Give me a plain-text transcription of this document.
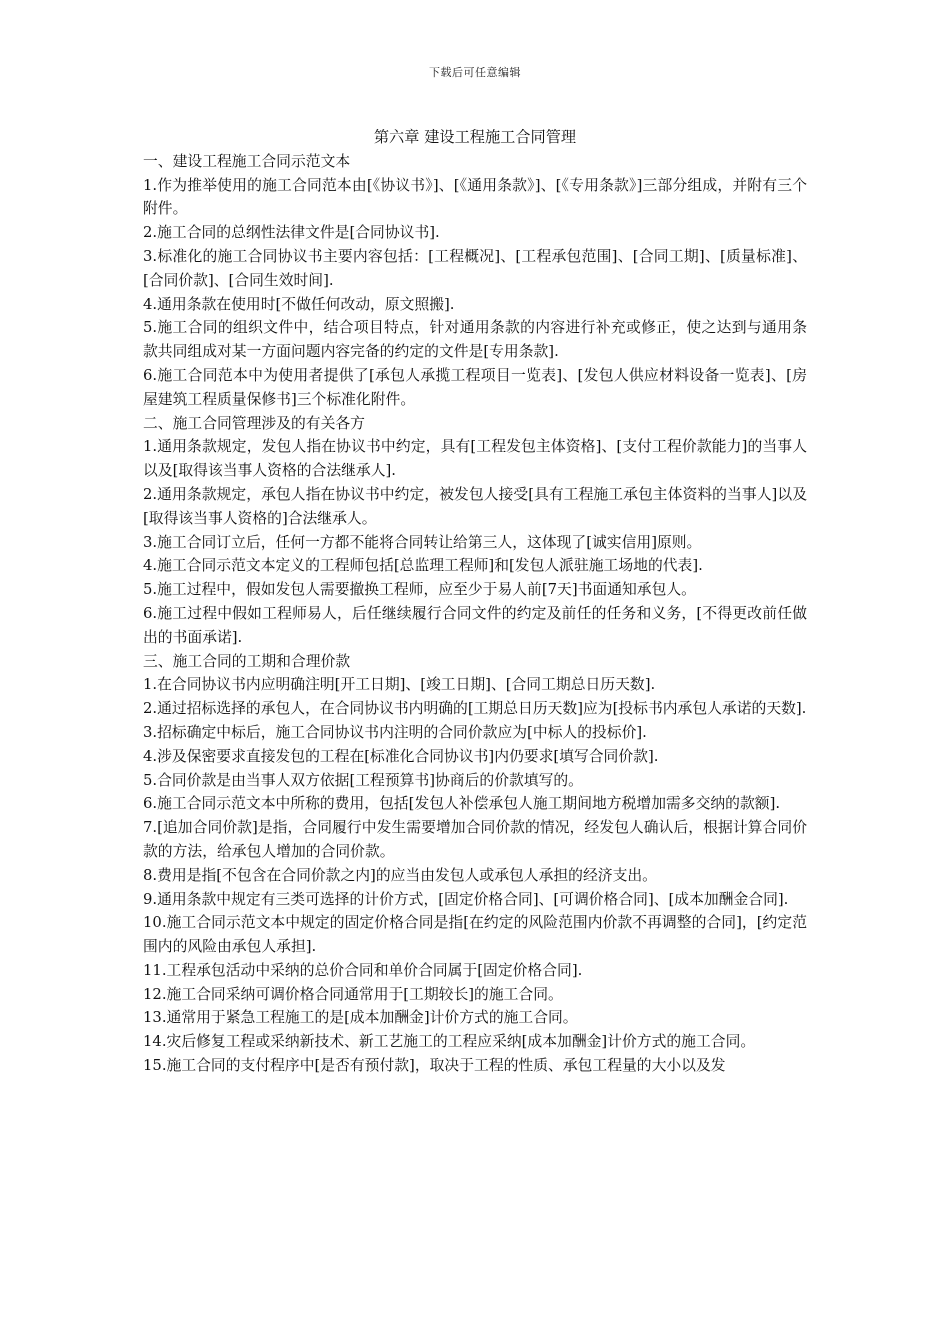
下载后可任意编辑

第六章 建设工程施工合同管理

一、建设工程施工合同示范文本

1.作为推举使用的施工合同范本由[《协议书》]、[《通用条款》]、[《专用条款》]三部分组成，并附有三个附件。

2.施工合同的总纲性法律文件是[合同协议书].

3.标准化的施工合同协议书主要内容包括：[工程概况]、[工程承包范围]、[合同工期]、[质量标准]、[合同价款]、[合同生效时间].

4.通用条款在使用时[不做任何改动，原文照搬].

5.施工合同的组织文件中，结合项目特点，针对通用条款的内容进行补充或修正，使之达到与通用条款共同组成对某一方面问题内容完备的约定的文件是[专用条款].

6.施工合同范本中为使用者提供了[承包人承揽工程项目一览表]、[发包人供应材料设备一览表]、[房屋建筑工程质量保修书]三个标准化附件。

二、施工合同管理涉及的有关各方

1.通用条款规定，发包人指在协议书中约定，具有[工程发包主体资格]、[支付工程价款能力]的当事人以及[取得该当事人资格的合法继承人].

2.通用条款规定，承包人指在协议书中约定，被发包人接受[具有工程施工承包主体资料的当事人]以及[取得该当事人资格的]合法继承人。

3.施工合同订立后，任何一方都不能将合同转让给第三人，这体现了[诚实信用]原则。

4.施工合同示范文本定义的工程师包括[总监理工程师]和[发包人派驻施工场地的代表].

5.施工过程中，假如发包人需要撤换工程师，应至少于易人前[7天]书面通知承包人。

6.施工过程中假如工程师易人，后任继续履行合同文件的约定及前任的任务和义务，[不得更改前任做出的书面承诺].

三、施工合同的工期和合理价款

1.在合同协议书内应明确注明[开工日期]、[竣工日期]、[合同工期总日历天数].

2.通过招标选择的承包人，在合同协议书内明确的[工期总日历天数]应为[投标书内承包人承诺的天数].

3.招标确定中标后，施工合同协议书内注明的合同价款应为[中标人的投标价].

4.涉及保密要求直接发包的工程在[标准化合同协议书]内仍要求[填写合同价款].

5.合同价款是由当事人双方依据[工程预算书]协商后的价款填写的。

6.施工合同示范文本中所称的费用，包括[发包人补偿承包人施工期间地方税增加需多交纳的款额].

7.[追加合同价款]是指，合同履行中发生需要增加合同价款的情况，经发包人确认后，根据计算合同价款的方法，给承包人增加的合同价款。

8.费用是指[不包含在合同价款之内]的应当由发包人或承包人承担的经济支出。

9.通用条款中规定有三类可选择的计价方式，[固定价格合同]、[可调价格合同]、[成本加酬金合同].

10.施工合同示范文本中规定的固定价格合同是指[在约定的风险范围内价款不再调整的合同]，[约定范围内的风险由承包人承担].

11.工程承包活动中采纳的总价合同和单价合同属于[固定价格合同].

12.施工合同采纳可调价格合同通常用于[工期较长]的施工合同。

13.通常用于紧急工程施工的是[成本加酬金]计价方式的施工合同。

14.灾后修复工程或采纳新技术、新工艺施工的工程应采纳[成本加酬金]计价方式的施工合同。

15.施工合同的支付程序中[是否有预付款]，取决于工程的性质、承包工程量的大小以及发
